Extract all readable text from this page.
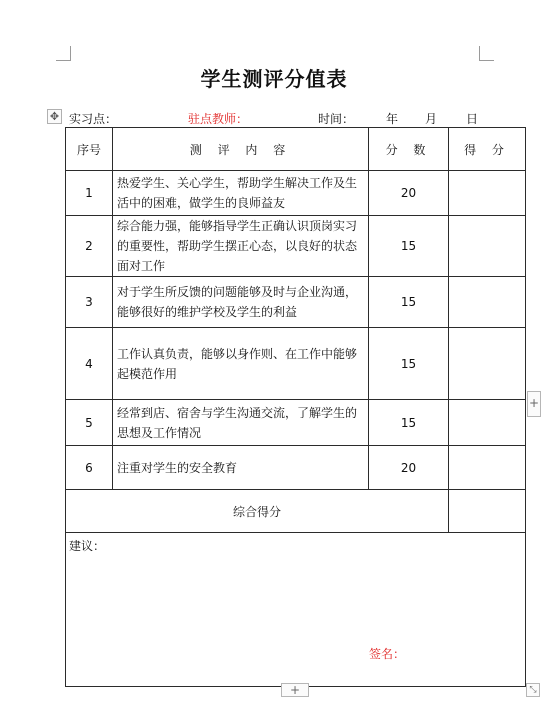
学生测评分值表
✥ 实习点：	驻点教师：	时间：	年 月 日
序号	测 评 内 容	分 数	得 分
1	热爱学生、关心学生，帮助学生解决工作及生活中的困难，做学生的良师益友	20	
2	综合能力强，能够指导学生正确认识顶岗实习的重要性，帮助学生摆正心态，以良好的状态面对工作	15	
3	对于学生所反馈的问题能够及时与企业沟通，能够很好的维护学校及学生的利益	15	
4	工作认真负责，能够以身作则、在工作中能够起模范作用	15	
5	经常到店、宿舍与学生沟通交流，了解学生的思想及工作情况	15	
6	注重对学生的安全教育	20	
综合得分			
建议：
签名：			
+
+	⤡
